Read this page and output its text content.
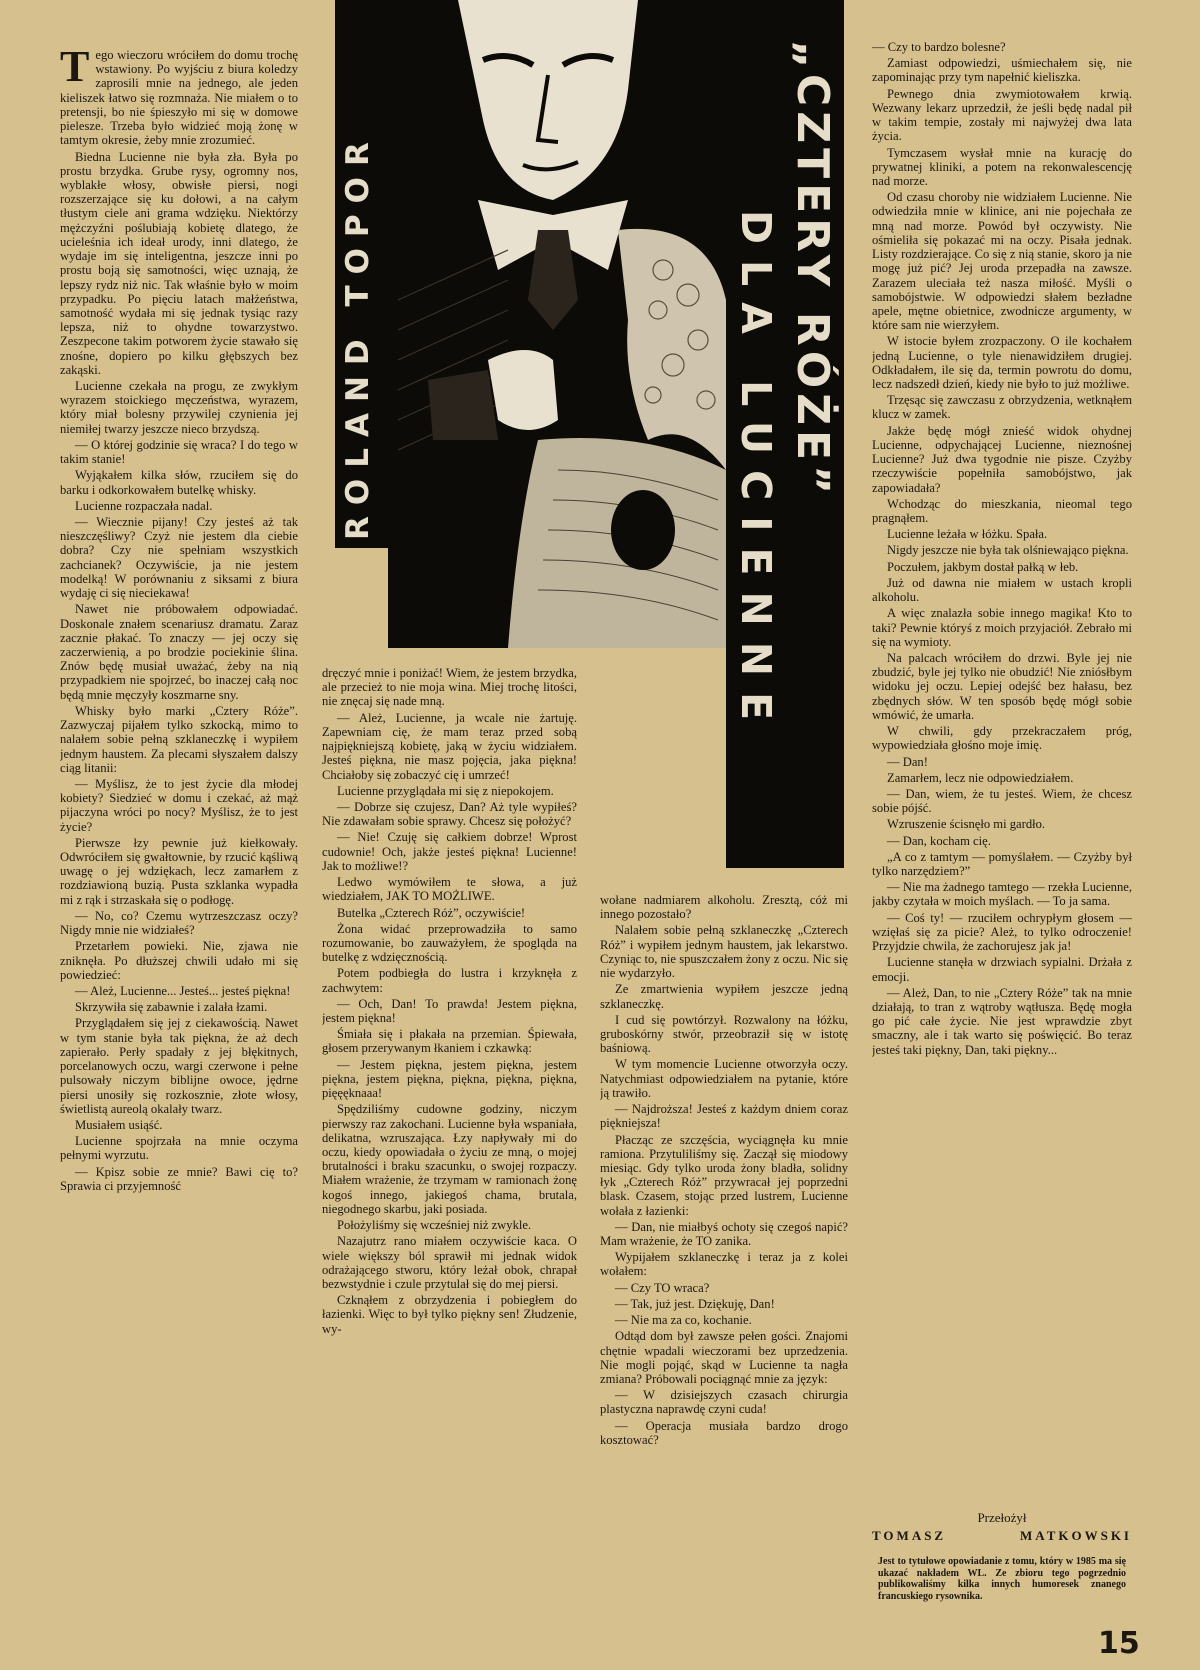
ROLAND TOPOR	„CZTERY RÓŻE”
DLA LUCIENNE

Tego wieczoru wróciłem do domu trochę wstawiony. Po wyjściu z biura koledzy zaprosili mnie na jednego, ale jeden kieliszek łatwo się rozmnaża. Nie miałem o to pretensji, bo nie śpieszyło mi się w domowe pielesze. Trzeba było widzieć moją żonę w tamtym okresie, żeby mnie zrozumieć.

Biedna Lucienne nie była zła. Była po prostu brzydka. Grube rysy, ogromny nos, wyblakłe włosy, obwisłe piersi, nogi rozszerzające się ku dołowi, a na całym tłustym ciele ani grama wdzięku. Niektórzy mężczyźni poślubiają kobietę dlatego, że ucieleśnia ich ideał urody, inni dlatego, że wydaje im się inteligentna, jeszcze inni po prostu boją się samotności, więc uznają, że lepszy rydz niż nic. Tak właśnie było w moim przypadku. Po pięciu latach małżeństwa, samotność wydała mi się jednak tysiąc razy lepsza, niż to ohydne towarzystwo. Zeszpecone takim potworem życie stawało się znośne, dopiero po kilku głębszych bez zakąski.

Lucienne czekała na progu, ze zwykłym wyrazem stoickiego męczeństwa, wyrazem, który miał bolesny przywilej czynienia jej niemiłej twarzy jeszcze nieco brzydszą.

— O której godzinie się wraca? I do tego w takim stanie!

Wyjąkałem kilka słów, rzuciłem się do barku i odkorkowałem butelkę whisky.

Lucienne rozpaczała nadal.

— Wiecznie pijany! Czy jesteś aż tak nieszczęśliwy? Czyż nie jestem dla ciebie dobra? Czy nie spełniam wszystkich zachcianek? Oczywiście, ja nie jestem modelką! W porównaniu z siksami z biura wydaję ci się nieciekawa!

Nawet nie próbowałem odpowiadać. Doskonale znałem scenariusz dramatu. Zaraz zacznie płakać. To znaczy — jej oczy się zaczerwienią, a po brodzie pociekinie ślina. Znów będę musiał uważać, żeby na nią przypadkiem nie spojrzeć, bo inaczej całą noc będą mnie męczyły koszmarne sny.

Whisky było marki „Cztery Róże”. Zazwyczaj pijałem tylko szkocką, mimo to nalałem sobie pełną szklaneczkę i wypiłem jednym haustem. Za plecami słyszałem dalszy ciąg litanii:

— Myślisz, że to jest życie dla młodej kobiety? Siedzieć w domu i czekać, aż mąż pijaczyna wróci po nocy? Myślisz, że to jest życie?

Pierwsze łzy pewnie już kiełkowały. Odwróciłem się gwałtownie, by rzucić kąśliwą uwagę o jej wdziękach, lecz zamarłem z rozdziawioną buzią. Pusta szklanka wypadła mi z rąk i strzaskała się o podłogę.

— No, co? Czemu wytrzeszczasz oczy? Nigdy mnie nie widziałeś?

Przetarłem powieki. Nie, zjawa nie zniknęła. Po dłuższej chwili udało mi się powiedzieć:

— Ależ, Lucienne... Jesteś... jesteś piękna!

Skrzywiła się zabawnie i zalała łzami.

Przyglądałem się jej z ciekawością. Nawet w tym stanie była tak piękna, że aż dech zapierało. Perły spadały z jej błękitnych, porcelanowych oczu, wargi czerwone i pełne pulsowały niczym biblijne owoce, jędrne piersi unosiły się rozkosznie, złote włosy, świetlistą aureolą okalały twarz.

Musiałem usiąść.

Lucienne spojrzała na mnie oczyma pełnymi wyrzutu.

— Kpisz sobie ze mnie? Bawi cię to? Sprawia ci przyjemność

dręczyć mnie i poniżać! Wiem, że jestem brzydka, ale przecież to nie moja wina. Miej trochę litości, nie znęcaj się nade mną.

— Ależ, Lucienne, ja wcale nie żartuję. Zapewniam cię, że mam teraz przed sobą najpiękniejszą kobietę, jaką w życiu widziałem. Jesteś piękna, nie masz pojęcia, jaka piękna! Chciałoby się zobaczyć cię i umrzeć!

Lucienne przyglądała mi się z niepokojem.

— Dobrze się czujesz, Dan? Aż tyle wypiłeś? Nie zdawałam sobie sprawy. Chcesz się położyć?

— Nie! Czuję się całkiem dobrze! Wprost cudownie! Och, jakże jesteś piękna! Lucienne! Jak to możliwe!?

Ledwo wymówiłem te słowa, a już wiedziałem, JAK TO MOŻLIWE.

Butelka „Czterech Róż”, oczywiście!

Żona widać przeprowadziła to samo rozumowanie, bo zauważyłem, że spogląda na butelkę z wdzięcznością.

Potem podbiegła do lustra i krzyknęła z zachwytem:

— Och, Dan! To prawda! Jestem piękna, jestem piękna!

Śmiała się i płakała na przemian. Śpiewała, głosem przerywanym łkaniem i czkawką:

— Jestem piękna, jestem piękna, jestem piękna, jestem piękna, piękna, piękna, piękna, pięęęknaaa!

Spędziliśmy cudowne godziny, niczym pierwszy raz zakochani. Lucienne była wspaniała, delikatna, wzruszająca. Łzy napływały mi do oczu, kiedy opowiadała o życiu ze mną, o mojej brutalności i braku szacunku, o swojej rozpaczy. Miałem wrażenie, że trzymam w ramionach żonę kogoś innego, jakiegoś chama, brutala, niegodnego skarbu, jaki posiada.

Położyliśmy się wcześniej niż zwykle.

Nazajutrz rano miałem oczywiście kaca. O wiele większy ból sprawił mi jednak widok odrażającego stworu, który leżał obok, chrapał bezwstydnie i czule przytulał się do mej piersi.

Czknąłem z obrzydzenia i pobiegłem do łazienki. Więc to był tylko piękny sen! Złudzenie, wy-

wołane nadmiarem alkoholu. Zresztą, cóż mi innego pozostało?

Nalałem sobie pełną szklaneczkę „Czterech Róż” i wypiłem jednym haustem, jak lekarstwo. Czyniąc to, nie spuszczałem żony z oczu. Nic się nie wydarzyło.

Ze zmartwienia wypiłem jeszcze jedną szklaneczkę.

I cud się powtórzył. Rozwalony na łóżku, gruboskórny stwór, przeobraził się w istotę baśniową.

W tym momencie Lucienne otworzyła oczy. Natychmiast odpowiedziałem na pytanie, które ją trawiło.

— Najdroższa! Jesteś z każdym dniem coraz piękniejsza!

Płacząc ze szczęścia, wyciągnęła ku mnie ramiona. Przytuliliśmy się. Zaczął się miodowy miesiąc. Gdy tylko uroda żony bladła, solidny łyk „Czterech Róż” przywracał jej poprzedni blask. Czasem, stojąc przed lustrem, Lucienne wołała z łazienki:

— Dan, nie miałbyś ochoty się czegoś napić? Mam wrażenie, że TO zanika.

Wypijałem szklaneczkę i teraz ja z kolei wołałem:

— Czy TO wraca?

— Tak, już jest. Dziękuję, Dan!

— Nie ma za co, kochanie.

Odtąd dom był zawsze pełen gości. Znajomi chętnie wpadali wieczorami bez uprzedzenia. Nie mogli pojąć, skąd w Lucienne ta nagła zmiana? Próbowali pociągnąć mnie za język:

— W dzisiejszych czasach chirurgia plastyczna naprawdę czyni cuda!

— Operacja musiała bardzo drogo kosztować?

— Czy to bardzo bolesne?

Zamiast odpowiedzi, uśmiechałem się, nie zapominając przy tym napełnić kieliszka.

Pewnego dnia zwymiotowałem krwią. Wezwany lekarz uprzedził, że jeśli będę nadal pił w takim tempie, zostały mi najwyżej dwa lata życia.

Tymczasem wysłał mnie na kurację do prywatnej kliniki, a potem na rekonwalescencję nad morze.

Od czasu choroby nie widziałem Lucienne. Nie odwiedziła mnie w klinice, ani nie pojechała ze mną nad morze. Powód był oczywisty. Nie ośmieliła się pokazać mi na oczy. Pisała jednak. Listy rozdzierające. Co się z nią stanie, skoro ja nie mogę już pić? Jej uroda przepadła na zawsze. Zarazem uleciała też nasza miłość. Myśli o samobójstwie. W odpowiedzi słałem bezładne apele, mętne obietnice, zwodnicze argumenty, w które sam nie wierzyłem.

W istocie byłem zrozpaczony. O ile kochałem jedną Lucienne, o tyle nienawidziłem drugiej. Odkładałem, ile się da, termin powrotu do domu, lecz nadszedł dzień, kiedy nie było to już możliwe.

Trzęsąc się zawczasu z obrzydzenia, wetknąłem klucz w zamek.

Jakże będę mógł znieść widok ohydnej Lucienne, odpychającej Lucienne, nieznośnej Lucienne? Już dwa tygodnie nie pisze. Czyżby rzeczywiście popełniła samobójstwo, jak zapowiadała?

Wchodząc do mieszkania, nieomal tego pragnąłem.

Lucienne leżała w łóżku. Spała.

Nigdy jeszcze nie była tak olśniewająco piękna.

Poczułem, jakbym dostał pałką w łeb.

Już od dawna nie miałem w ustach kropli alkoholu.

A więc znalazła sobie innego magika! Kto to taki? Pewnie któryś z moich przyjaciół. Zebrało mi się na wymioty.

Na palcach wróciłem do drzwi. Byle jej nie zbudzić, byle jej tylko nie obudzić! Nie zniósłbym widoku jej oczu. Lepiej odejść bez hałasu, bez zbędnych słów. W ten sposób będę mógł sobie wmówić, że umarła.

W chwili, gdy przekraczałem próg, wypowiedziała głośno moje imię.

— Dan!

Zamarłem, lecz nie odpowiedziałem.

— Dan, wiem, że tu jesteś. Wiem, że chcesz sobie pójść.

Wzruszenie ścisnęło mi gardło.

— Dan, kocham cię.

„A co z tamtym — pomyślałem. — Czyżby był tylko narzędziem?”

— Nie ma żadnego tamtego — rzekła Lucienne, jakby czytała w moich myślach. — To ja sama.

— Coś ty! — rzuciłem ochrypłym głosem — wzięłaś się za picie? Ależ, to tylko odroczenie! Przyjdzie chwila, że zachorujesz jak ja!

Lucienne stanęła w drzwiach sypialni. Drżała z emocji.

— Ależ, Dan, to nie „Cztery Róże” tak na mnie działają, to tran z wątroby wątłusza. Będę mogła go pić całe życie. Nie jest wprawdzie zbyt smaczny, ale i tak warto się poświęcić. Bo teraz jesteś taki piękny, Dan, taki piękny...

Przełożył
TOMASZ	MATKOWSKI
Jest to tytułowe opowiadanie z tomu, który w 1985 ma się ukazać nakładem WL. Ze zbioru tego pogrzednio publikowaliśmy kilka innych humoresek znanego francuskiego rysownika.
15
